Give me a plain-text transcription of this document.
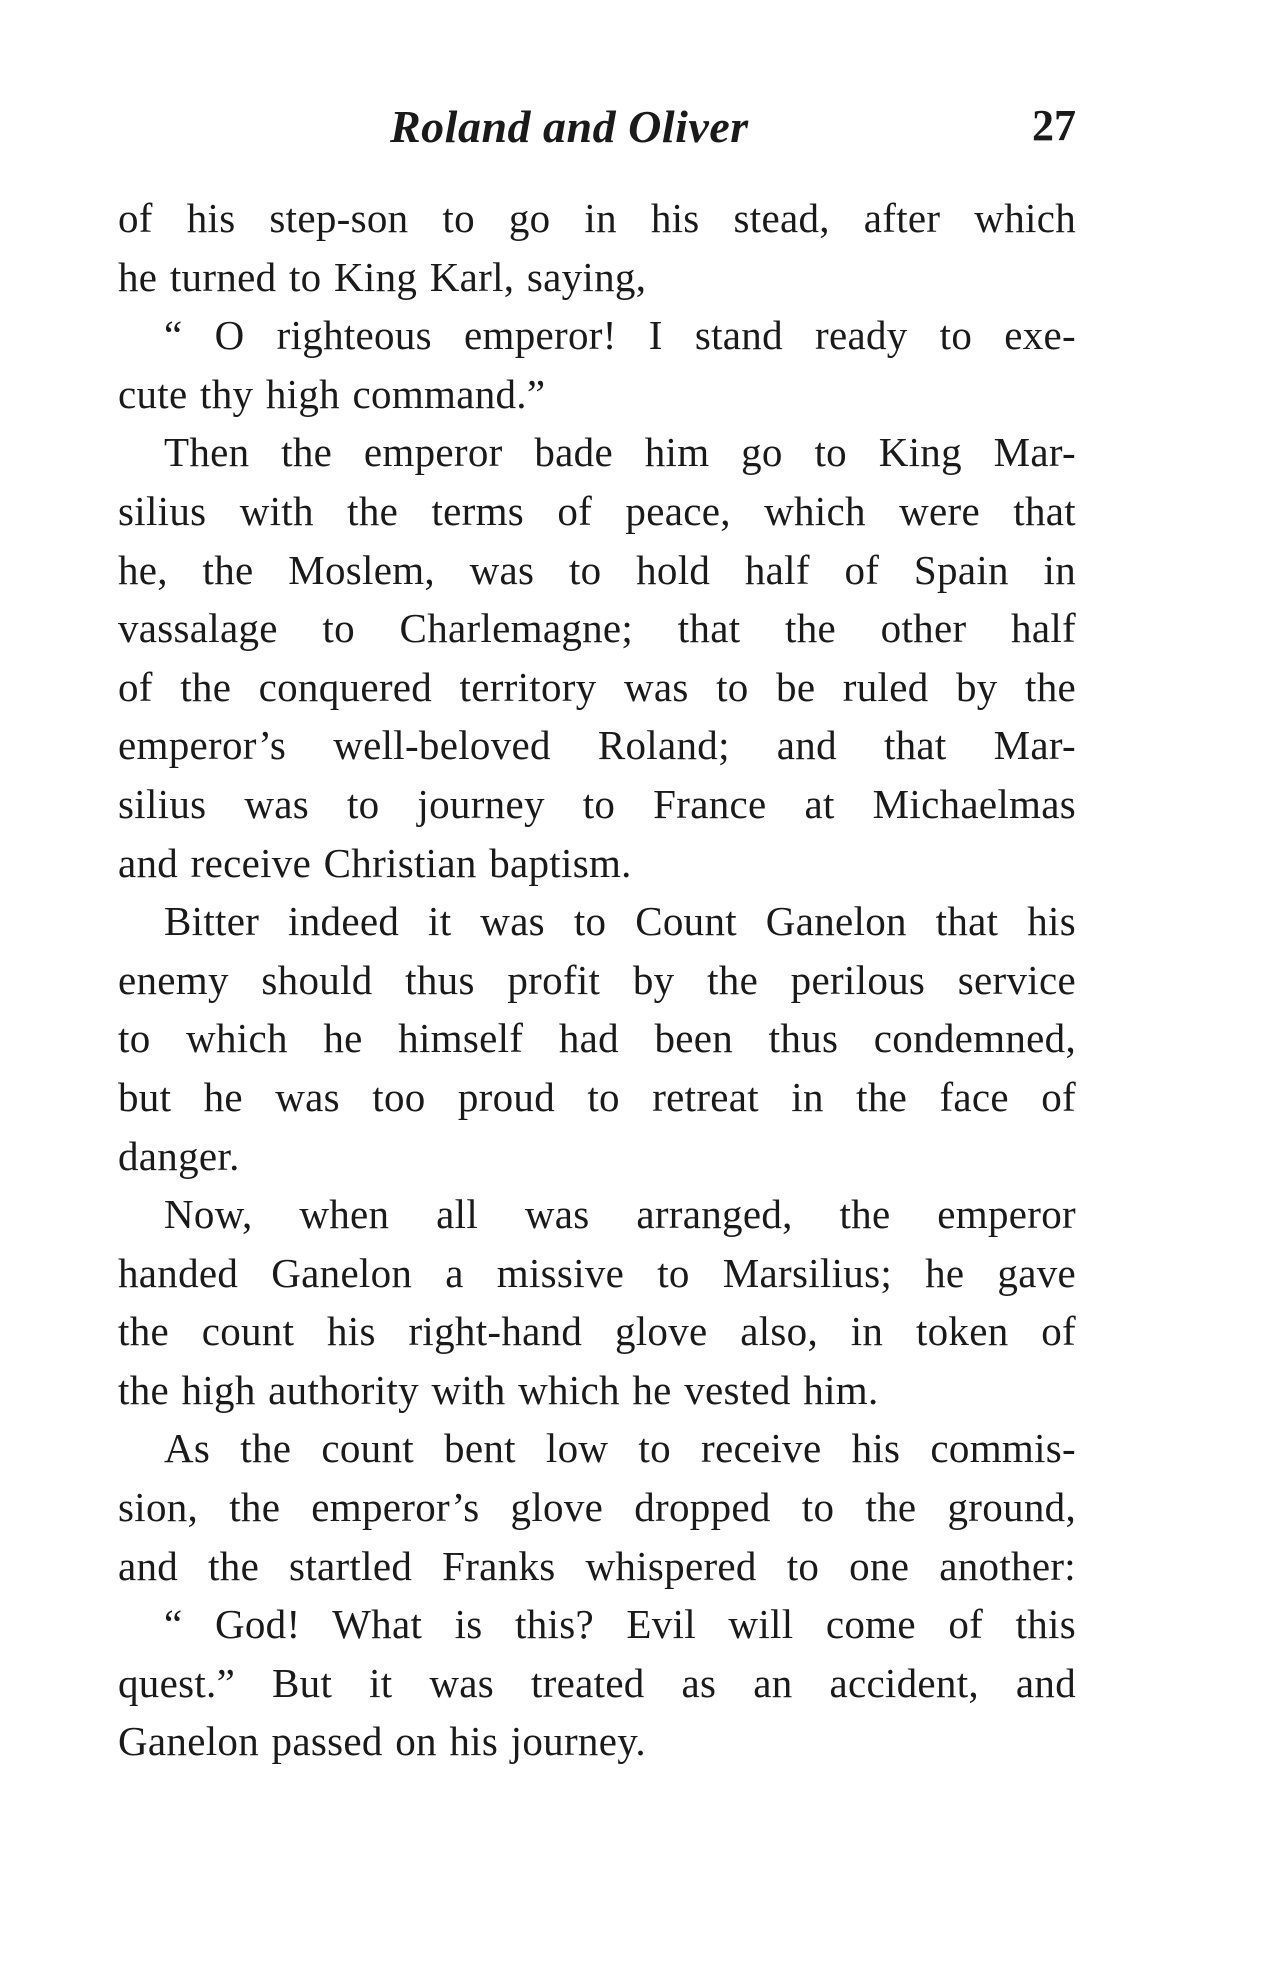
Roland and Oliver	27
of his step-son to go in his stead, after which
he turned to King Karl, saying,
“ O righteous emperor! I stand ready to exe-
cute thy high command.”
Then the emperor bade him go to King Mar-
silius with the terms of peace, which were that
he, the Moslem, was to hold half of Spain in
vassalage to Charlemagne; that the other half
of the conquered territory was to be ruled by the
emperor’s well-beloved Roland; and that Mar-
silius was to journey to France at Michaelmas
and receive Christian baptism.
Bitter indeed it was to Count Ganelon that his
enemy should thus profit by the perilous service
to which he himself had been thus condemned,
but he was too proud to retreat in the face of
danger.
Now, when all was arranged, the emperor
handed Ganelon a missive to Marsilius; he gave
the count his right-hand glove also, in token of
the high authority with which he vested him.
As the count bent low to receive his commis-
sion, the emperor’s glove dropped to the ground,
and the startled Franks whispered to one another:
“ God! What is this? Evil will come of this
quest.” But it was treated as an accident, and
Ganelon passed on his journey.
